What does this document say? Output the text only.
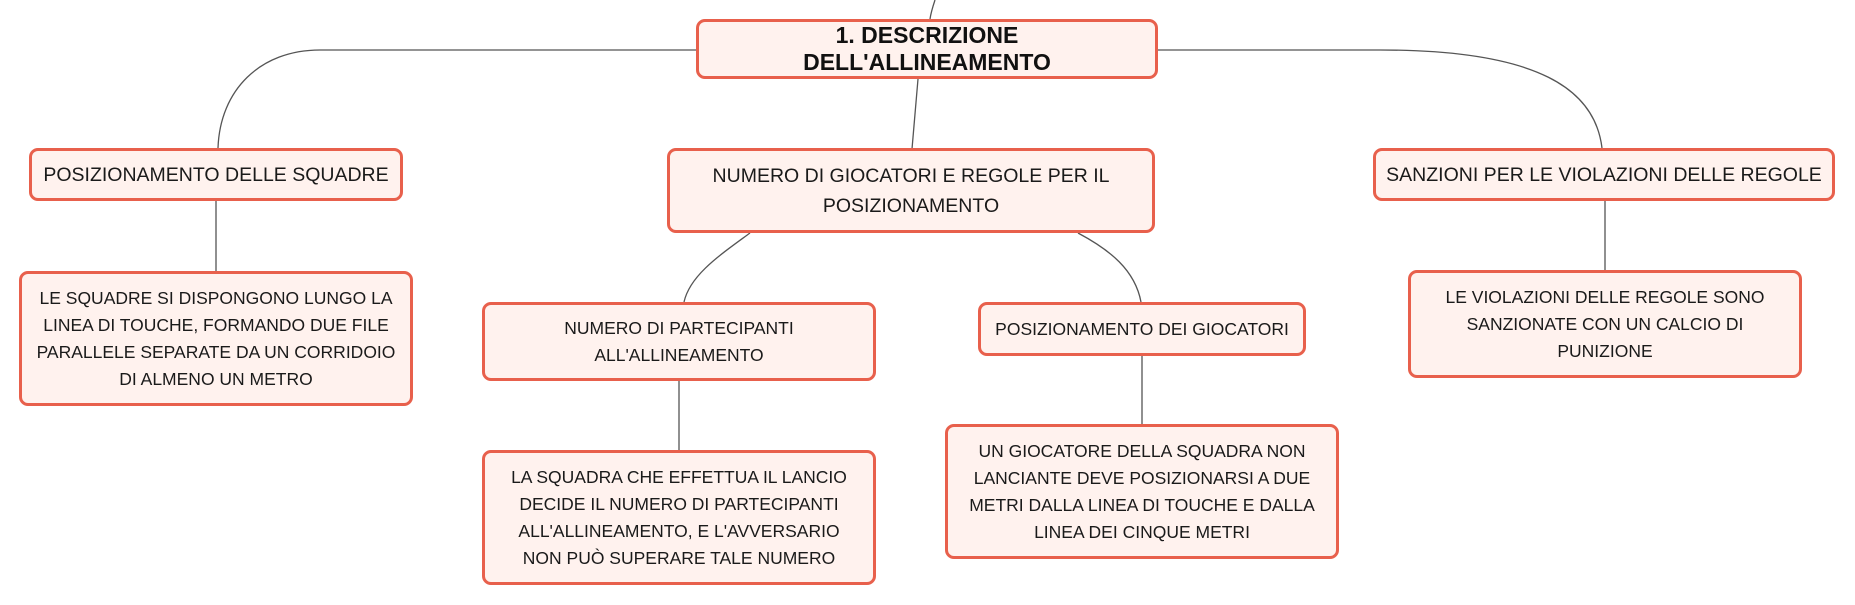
1. DESCRIZIONE DELL'ALLINEAMENTO
POSIZIONAMENTO DELLE SQUADRE	NUMERO DI GIOCATORI E REGOLE PER IL POSIZIONAMENTO
SANZIONI PER LE VIOLAZIONI DELLE REGOLE
LE SQUADRE SI DISPONGONO LUNGO LA LINEA DI TOUCHE, FORMANDO DUE FILE PARALLELE SEPARATE DA UN CORRIDOIO DI ALMENO UN METRO
NUMERO DI PARTECIPANTI ALL'ALLINEAMENTO
POSIZIONAMENTO DEI GIOCATORI
LE VIOLAZIONI DELLE REGOLE SONO SANZIONATE CON UN CALCIO DI PUNIZIONE
LA SQUADRA CHE EFFETTUA IL LANCIO DECIDE IL NUMERO DI PARTECIPANTI ALL'ALLINEAMENTO, E L'AVVERSARIO NON PUÒ SUPERARE TALE NUMERO
UN GIOCATORE DELLA SQUADRA NON LANCIANTE DEVE POSIZIONARSI A DUE METRI DALLA LINEA DI TOUCHE E DALLA LINEA DEI CINQUE METRI
